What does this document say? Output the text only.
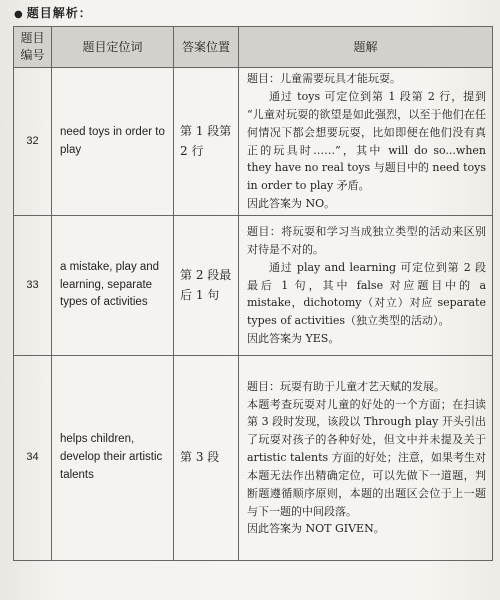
● 题目解析：
题目
编号	题目定位词	答案位置	题解
32	need toys in order to play	第 1 段第 2 行	题目：儿童需要玩具才能玩耍。
通过 toys 可定位到第 1 段第 2 行，提到 “儿童对玩耍的欲望是如此强烈，以至于他们在任何情况下都会想要玩耍，比如即便在他们没有真正的玩具时……”，其中 will do so...when they have no real toys 与题目中的 need toys in order to play 矛盾。
因此答案为 NO。

33	a mistake, play and learning, separate types of activities	第 2 段最后 1 句	题目：将玩耍和学习当成独立类型的活动来区别对待是不对的。
通过 play and learning 可定位到第 2 段最后 1 句，其中 false 对应题目中的 a mistake，dichotomy（对立）对应 separate types of activities（独立类型的活动）。
因此答案为 YES。

34	helps children, develop their artistic talents	第 3 段	题目：玩耍有助于儿童才艺天赋的发展。
本题考查玩耍对儿童的好处的一个方面；在扫读第 3 段时发现，该段以 Through play 开头引出了玩耍对孩子的各种好处，但文中并未提及关于 artistic talents 方面的好处；注意，如果考生对本题无法作出精确定位，可以先做下一道题，判断题遵循顺序原则，本题的出题区会位于上一题与下一题的中间段落。
因此答案为 NOT GIVEN。
